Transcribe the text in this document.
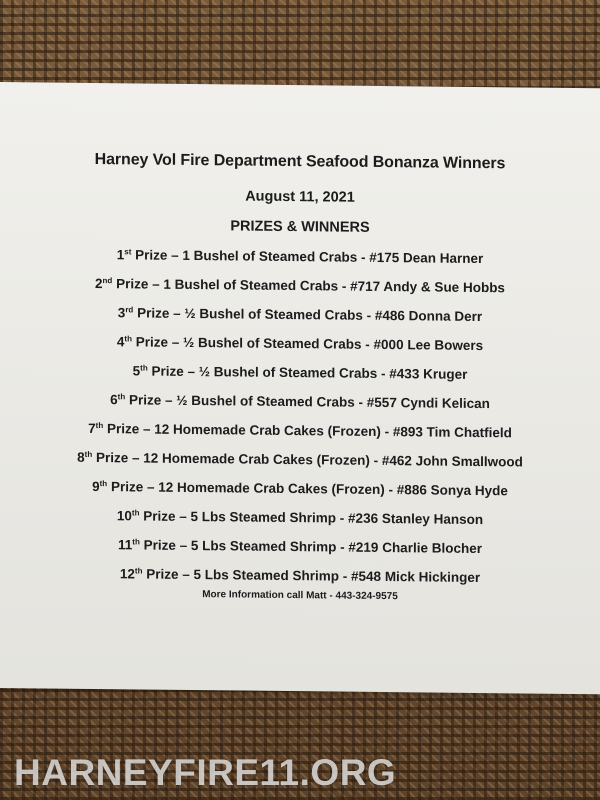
Harney Vol Fire Department Seafood Bonanza Winners
August 11, 2021
PRIZES & WINNERS
1st Prize – 1 Bushel of Steamed Crabs - #175 Dean Harner
2nd Prize – 1 Bushel of Steamed Crabs - #717 Andy & Sue Hobbs
3rd Prize – ½ Bushel of Steamed Crabs - #486 Donna Derr
4th Prize – ½ Bushel of Steamed Crabs - #000 Lee Bowers
5th Prize – ½ Bushel of Steamed Crabs - #433 Kruger
6th Prize – ½ Bushel of Steamed Crabs - #557 Cyndi Kelican
7th Prize – 12 Homemade Crab Cakes (Frozen) - #893 Tim Chatfield
8th Prize – 12 Homemade Crab Cakes (Frozen) - #462 John Smallwood
9th Prize – 12 Homemade Crab Cakes (Frozen) - #886 Sonya Hyde
10th Prize – 5 Lbs Steamed Shrimp - #236 Stanley Hanson
11th Prize – 5 Lbs Steamed Shrimp - #219 Charlie Blocher
12th Prize – 5 Lbs Steamed Shrimp - #548 Mick Hickinger
More Information call Matt - 443-324-9575
HARNEYFIRE11.ORG
